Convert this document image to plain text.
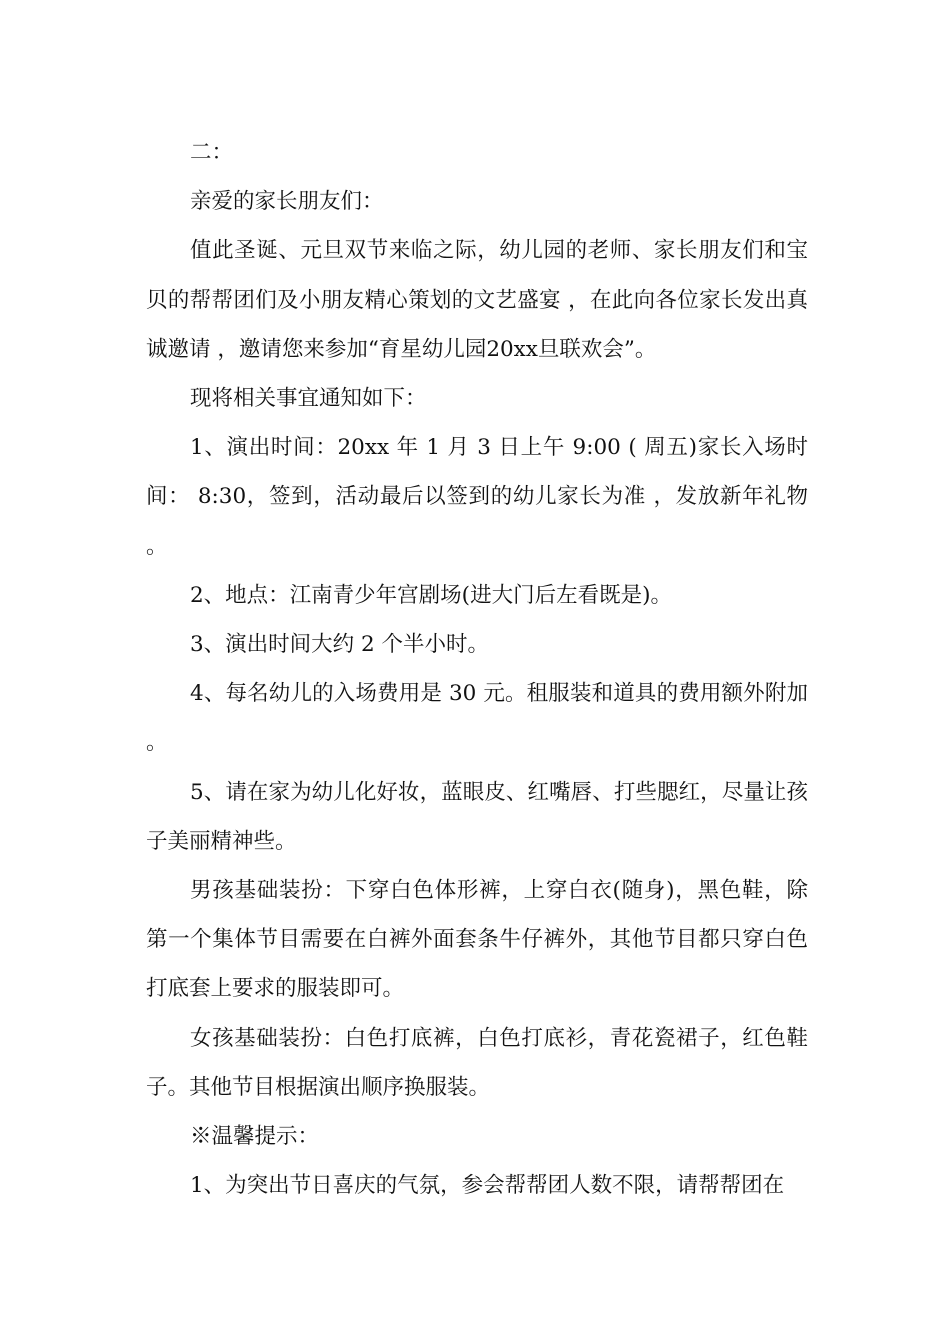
二：

亲爱的家长朋友们：

值此圣诞、元旦双节来临之际，幼儿园的老师、家长朋友们和宝贝的帮帮团们及小朋友精心策划的文艺盛宴 ，在此向各位家长发出真诚邀请 ，邀请您来参加“育星幼儿园20xx旦联欢会”。

现将相关事宜通知如下：

1、演出时间：20xx 年 1 月 3 日上午 9:00 ( 周五)家长入场时间： 8:30，签到，活动最后以签到的幼儿家长为准 ，发放新年礼物。

2、地点：江南青少年宫剧场(进大门后左看既是)。

3、演出时间大约 2 个半小时。

4、每名幼儿的入场费用是 30 元。租服装和道具的费用额外附加。

5、请在家为幼儿化好妆，蓝眼皮、红嘴唇、打些腮红，尽量让孩子美丽精神些。

男孩基础装扮：下穿白色体形裤，上穿白衣(随身)，黑色鞋，除第一个集体节目需要在白裤外面套条牛仔裤外，其他节目都只穿白色打底套上要求的服装即可。

女孩基础装扮：白色打底裤，白色打底衫，青花瓷裙子，红色鞋子。其他节目根据演出顺序换服装。

※温馨提示：

1、为突出节日喜庆的气氛，参会帮帮团人数不限，请帮帮团在
